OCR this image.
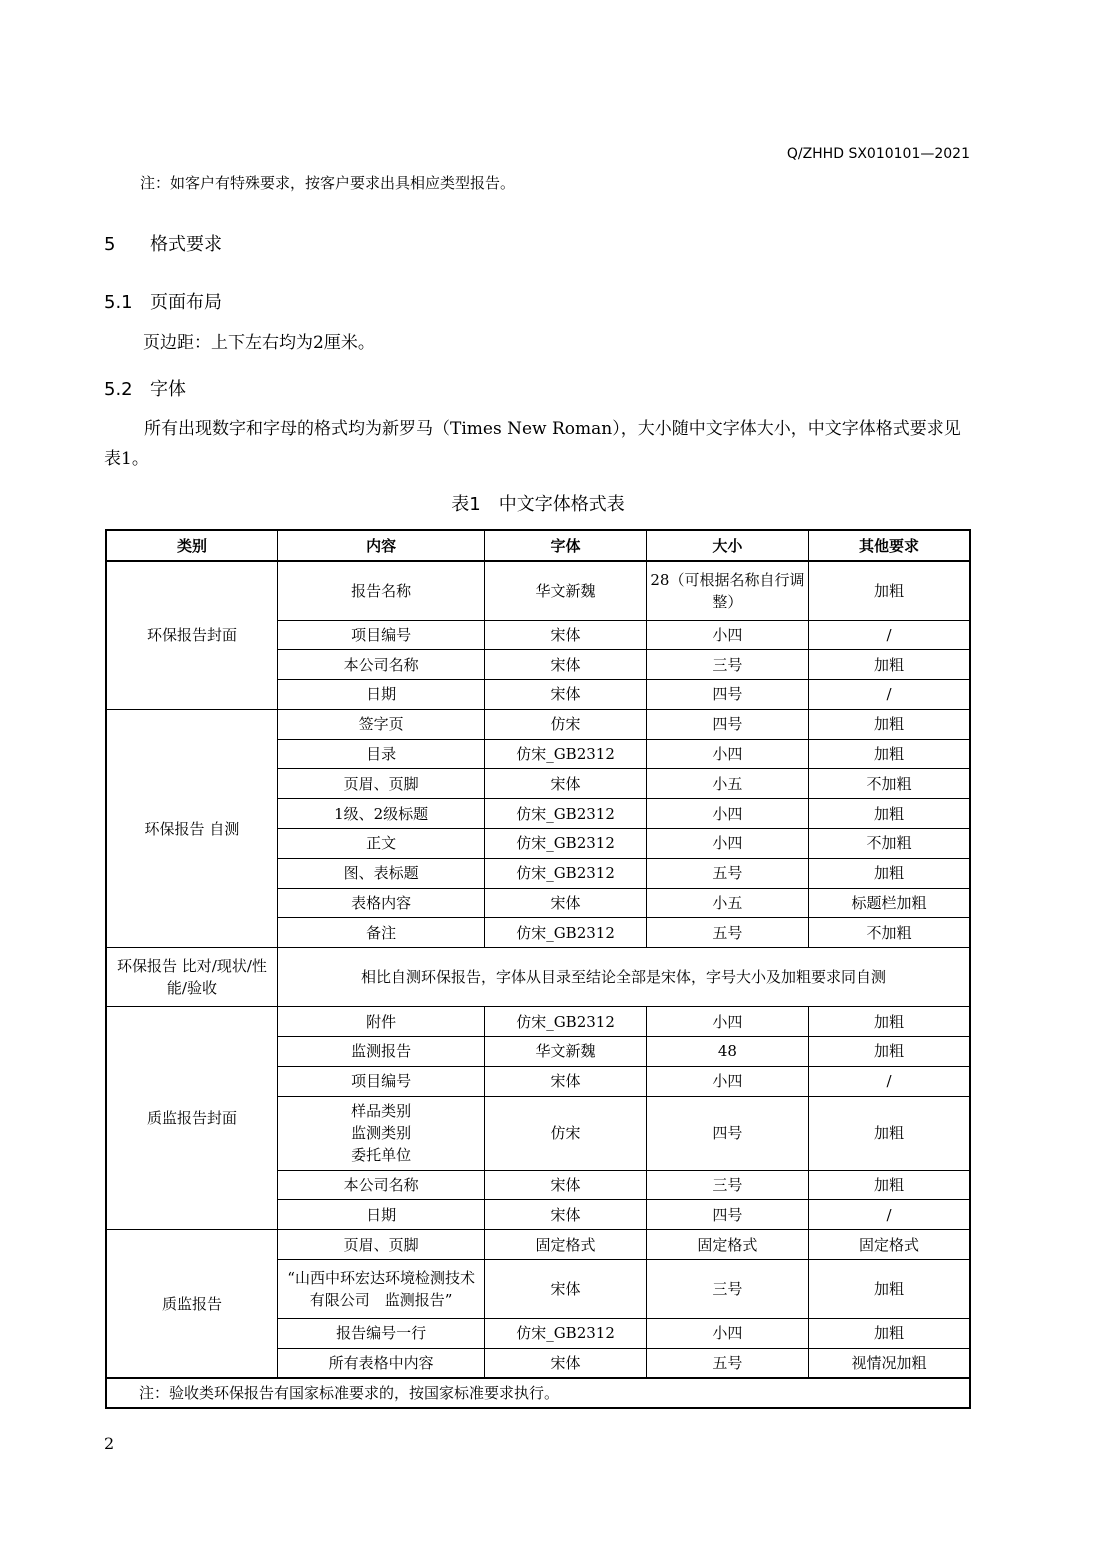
Q/ZHHD SX010101—2021
注：如客户有特殊要求，按客户要求出具相应类型报告。
5 格式要求
5.1 页面布局
页边距：上下左右均为2厘米。
5.2 字体
所有出现数字和字母的格式均为新罗马（Times New Roman），大小随中文字体大小，中文字体格式要求见表1。
表1　中文字体格式表
类别	内容	字体	大小	其他要求
环保报告封面	报告名称	华文新魏	28（可根据名称自行调整）	加粗
	项目编号	宋体	小四	/
	本公司名称	宋体	三号	加粗
	日期	宋体	四号	/
环保报告 自测	签字页	仿宋	四号	加粗
	目录	仿宋_GB2312	小四	加粗
	页眉、页脚	宋体	小五	不加粗
	1级、2级标题	仿宋_GB2312	小四	加粗
	正文	仿宋_GB2312	小四	不加粗
	图、表标题	仿宋_GB2312	五号	加粗
	表格内容	宋体	小五	标题栏加粗
	备注	仿宋_GB2312	五号	不加粗
环保报告 比对/现状/性能/验收	相比自测环保报告，字体从目录至结论全部是宋体，字号大小及加粗要求同自测			
质监报告封面	附件	仿宋_GB2312	小四	加粗
	监测报告	华文新魏	48	加粗
	项目编号	宋体	小四	/
	样品类别
监测类别
委托单位	仿宋	四号	加粗
	本公司名称	宋体	三号	加粗
	日期	宋体	四号	/
质监报告	页眉、页脚	固定格式	固定格式	固定格式
	“山西中环宏达环境检测技术有限公司　监测报告”	宋体	三号	加粗
	报告编号一行	仿宋_GB2312	小四	加粗
	所有表格中内容	宋体	五号	视情况加粗
注：验收类环保报告有国家标准要求的，按国家标准要求执行。				
2
